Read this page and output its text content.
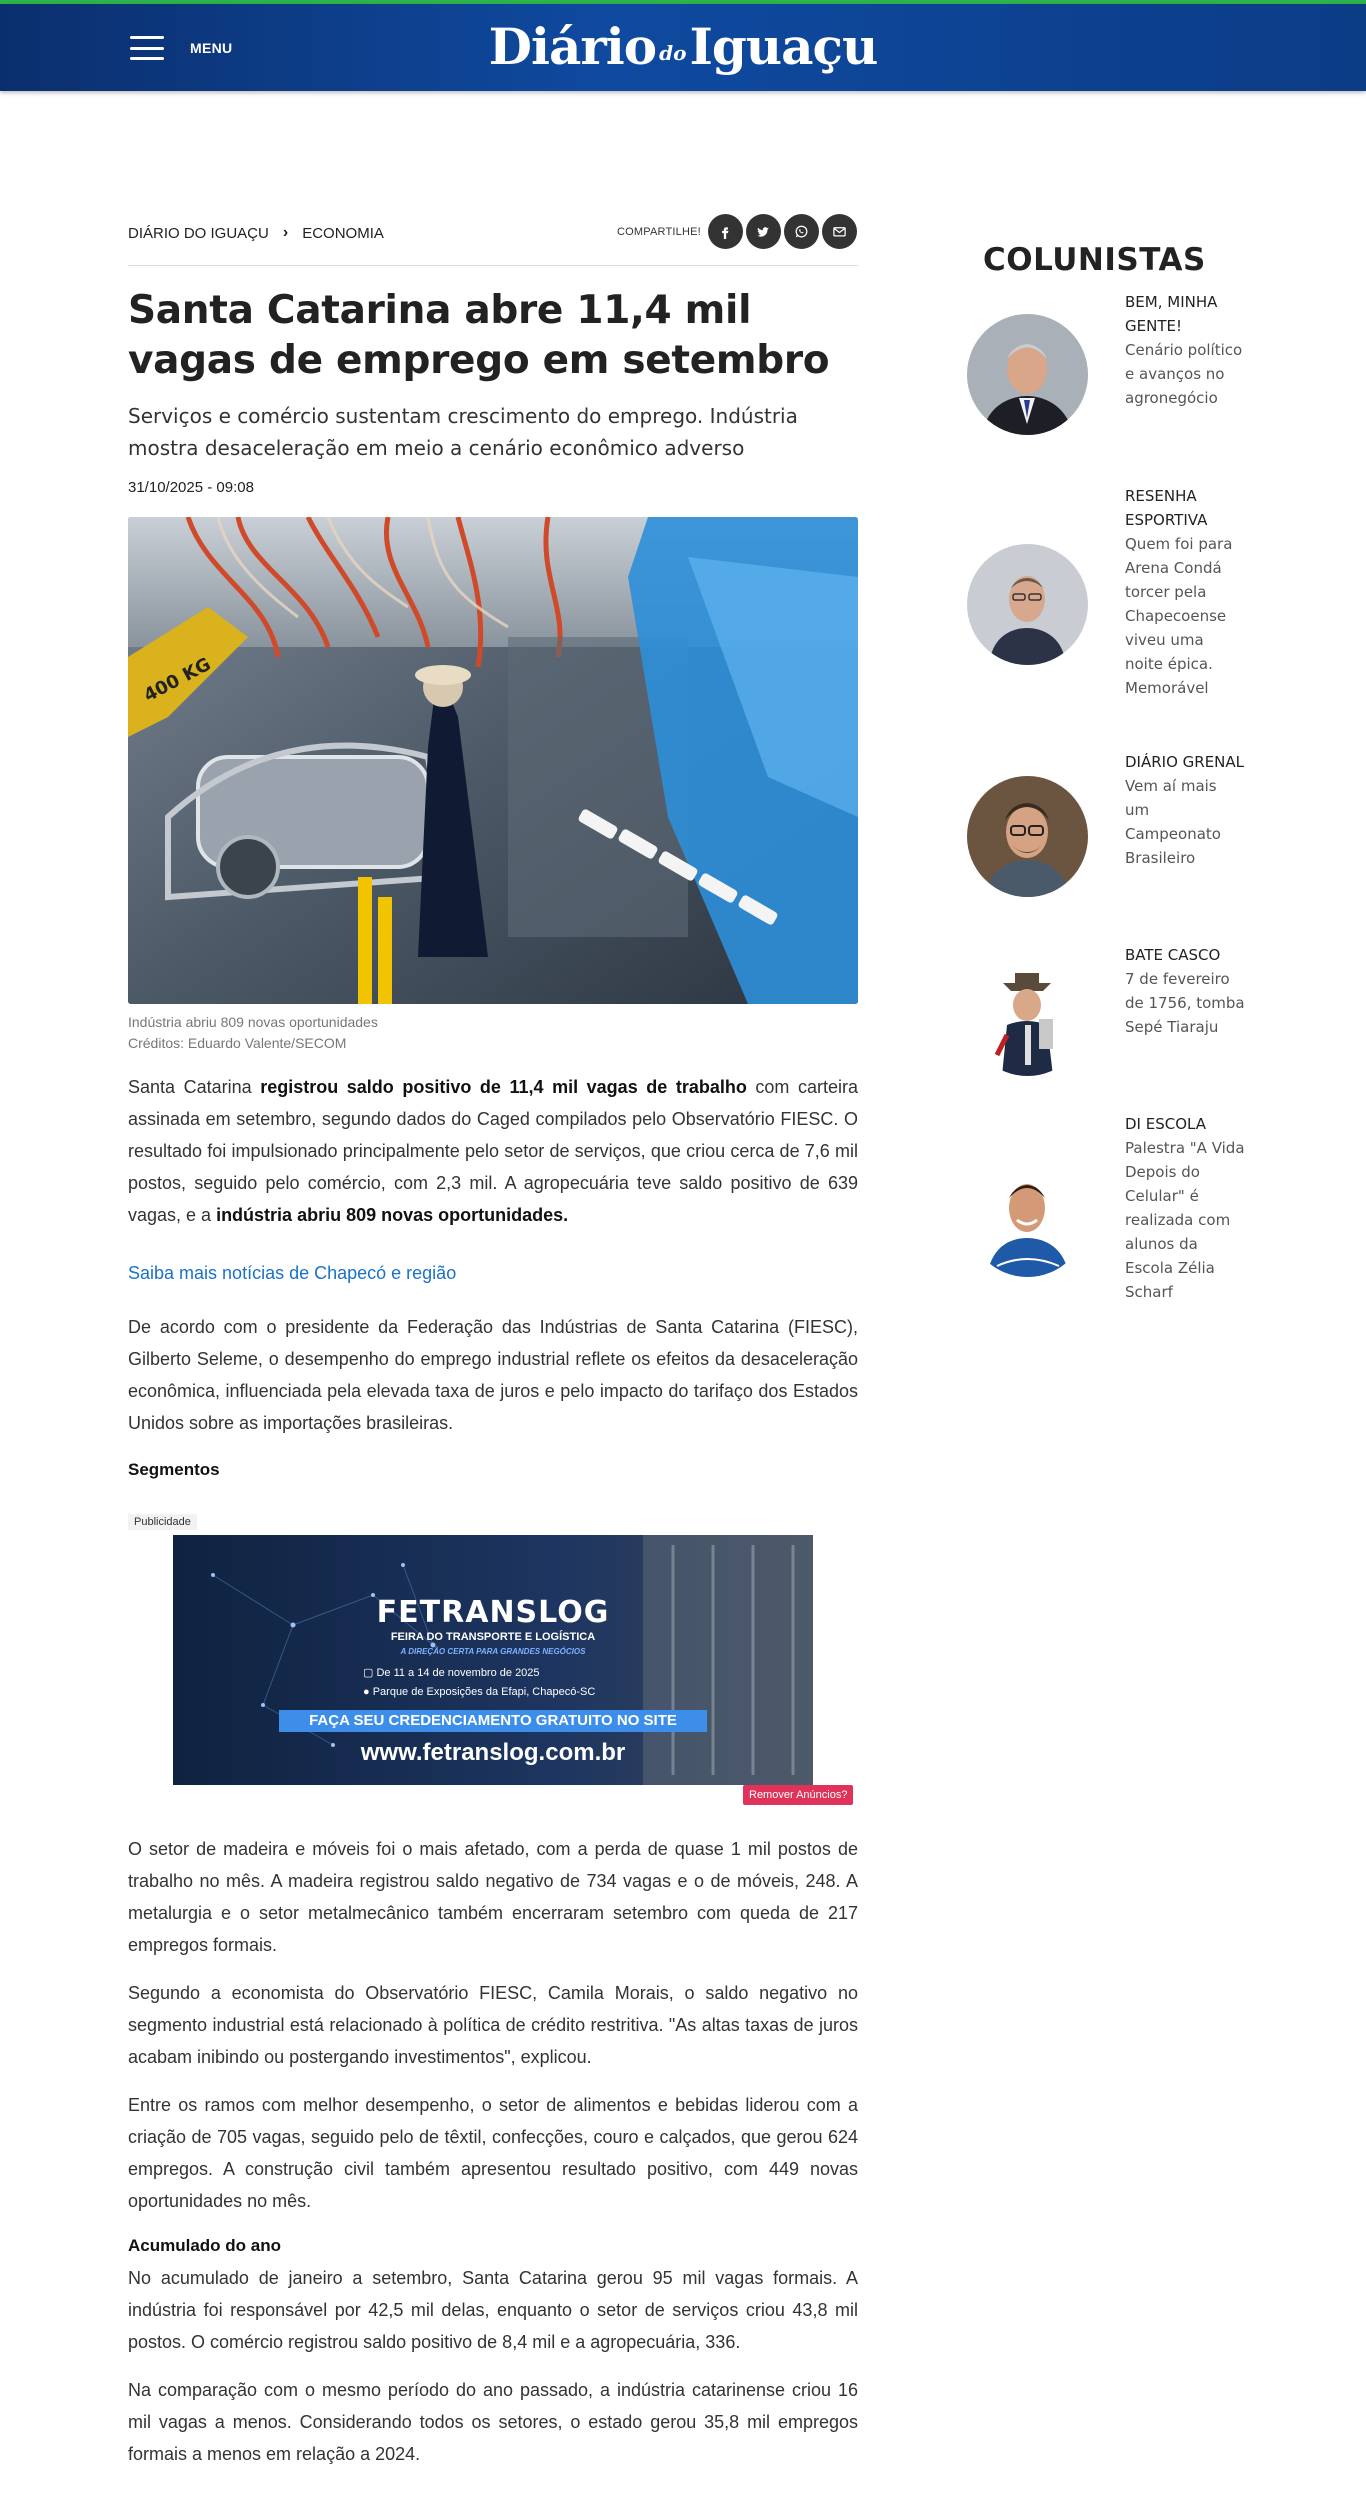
MENU	Diário do Iguaçu
DIÁRIO DO IGUAÇU › ECONOMIA	COMPARTILHE!
Santa Catarina abre 11,4 mil vagas de emprego em setembro
Serviços e comércio sustentam crescimento do emprego. Indústria mostra desaceleração em meio a cenário econômico adverso
31/10/2025 - 09:08
400 KG
Indústria abriu 809 novas oportunidades
Créditos: Eduardo Valente/SECOM

Santa Catarina registrou saldo positivo de 11,4 mil vagas de trabalho com carteira assinada em setembro, segundo dados do Caged compilados pelo Observatório FIESC. O resultado foi impulsionado principalmente pelo setor de serviços, que criou cerca de 7,6 mil postos, seguido pelo comércio, com 2,3 mil. A agropecuária teve saldo positivo de 639 vagas, e a indústria abriu 809 novas oportunidades.

Saiba mais notícias de Chapecó e região

De acordo com o presidente da Federação das Indústrias de Santa Catarina (FIESC), Gilberto Seleme, o desempenho do emprego industrial reflete os efeitos da desaceleração econômica, influenciada pela elevada taxa de juros e pelo impacto do tarifaço dos Estados Unidos sobre as importações brasileiras.

Segmentos
Publicidade
FETRANSLOG
FEIRA DO TRANSPORTE E LOGÍSTICA
A DIREÇÃO CERTA PARA GRANDES NEGÓCIOS
▢ De 11 a 14 de novembro de 2025
● Parque de Exposições da Efapi, Chapecó-SC
FAÇA SEU CREDENCIAMENTO GRATUITO NO SITE
www.fetranslog.com.br
Remover Anúncios?

O setor de madeira e móveis foi o mais afetado, com a perda de quase 1 mil postos de trabalho no mês. A madeira registrou saldo negativo de 734 vagas e o de móveis, 248. A metalurgia e o setor metalmecânico também encerraram setembro com queda de 217 empregos formais.

Segundo a economista do Observatório FIESC, Camila Morais, o saldo negativo no segmento industrial está relacionado à política de crédito restritiva. "As altas taxas de juros acabam inibindo ou postergando investimentos", explicou.

Entre os ramos com melhor desempenho, o setor de alimentos e bebidas liderou com a criação de 705 vagas, seguido pelo de têxtil, confecções, couro e calçados, que gerou 624 empregos. A construção civil também apresentou resultado positivo, com 449 novas oportunidades no mês.

Acumulado do ano

No acumulado de janeiro a setembro, Santa Catarina gerou 95 mil vagas formais. A indústria foi responsável por 42,5 mil delas, enquanto o setor de serviços criou 43,8 mil postos. O comércio registrou saldo positivo de 8,4 mil e a agropecuária, 336.

Na comparação com o mesmo período do ano passado, a indústria catarinense criou 16 mil vagas a menos. Considerando todos os setores, o estado gerou 35,8 mil empregos formais a menos em relação a 2024.

COLUNISTAS
BEM, MINHA GENTE!
Cenário político e avanços no agronegócio
RESENHA ESPORTIVA
Quem foi para Arena Condá torcer pela Chapecoense viveu uma noite épica. Memorável
DIÁRIO GRENAL
Vem aí mais um Campeonato Brasileiro
BATE CASCO
7 de fevereiro de 1756, tomba Sepé Tiaraju
DI ESCOLA
Palestra "A Vida Depois do Celular" é realizada com alunos da Escola Zélia Scharf
